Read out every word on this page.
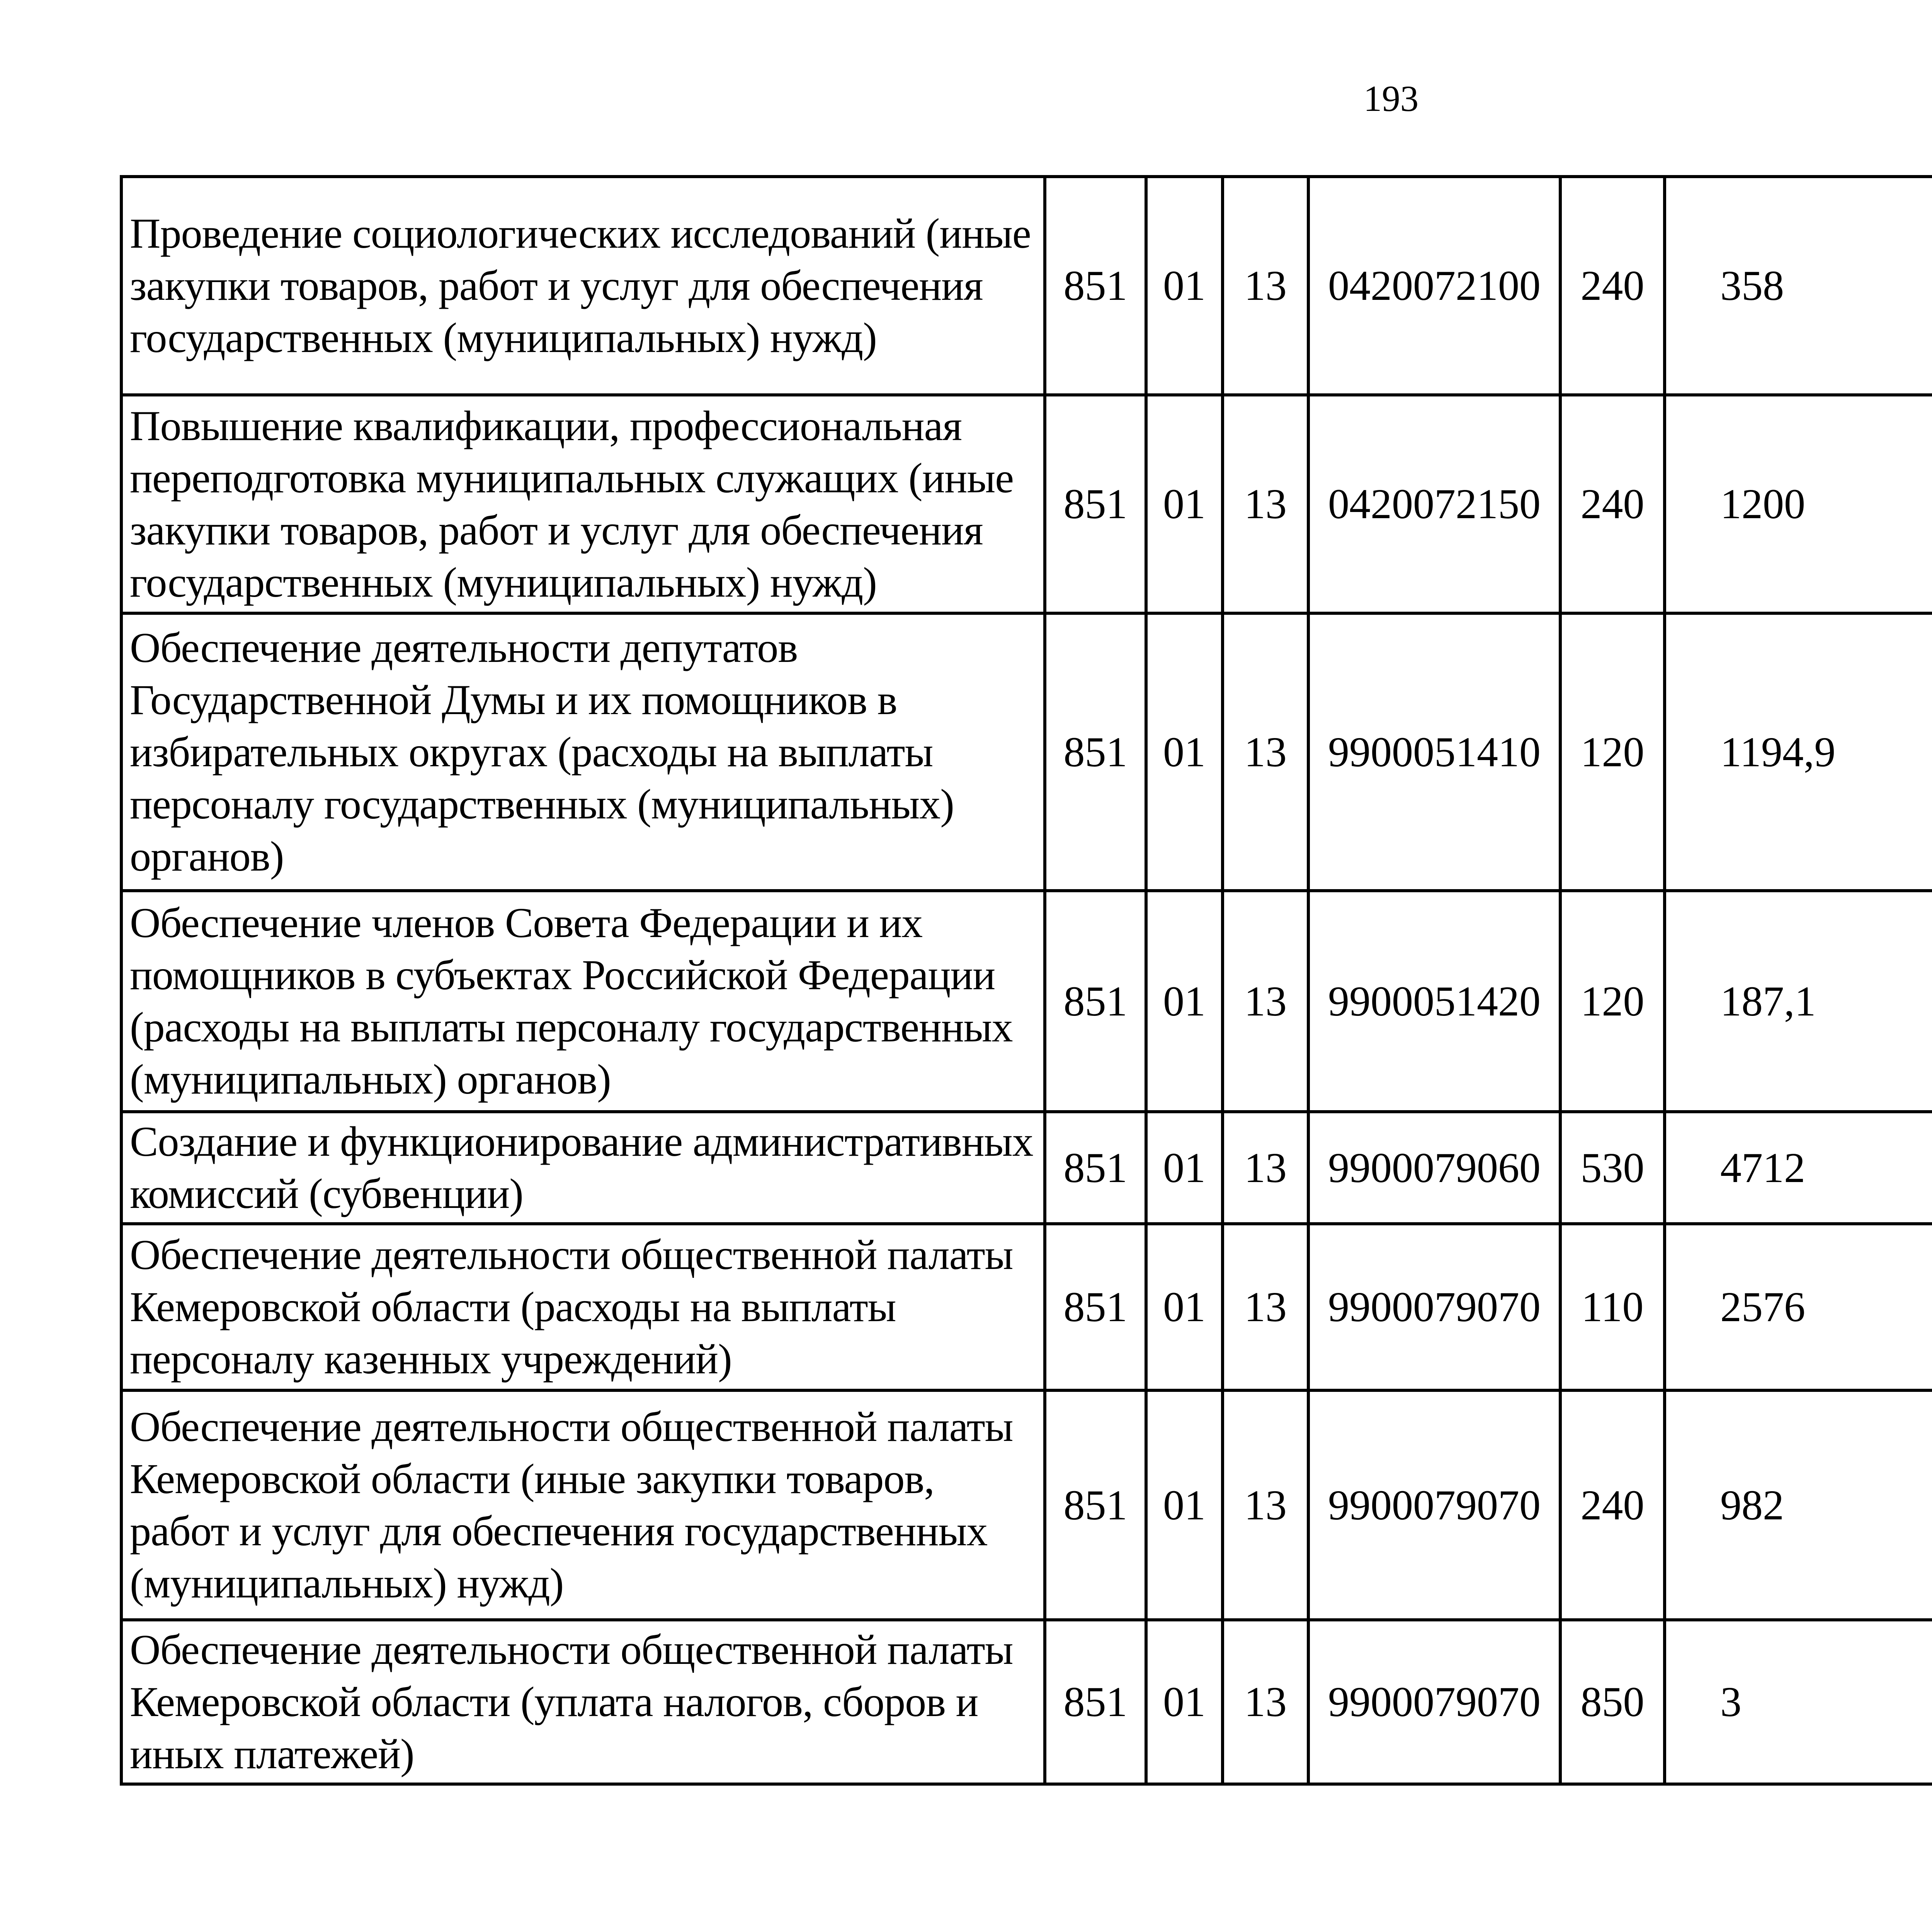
193
Проведение социологических исследований (иные закупки товаров, работ и услуг для обеспечения государственных (муниципальных) нужд)	851	01	13	0420072100	240	358		
Повышение квалификации, профессиональная переподготовка муниципальных служащих (иные закупки товаров, работ и услуг для обеспечения государственных (муниципальных) нужд)	851	01	13	0420072150	240	1200		
Обеспечение деятельности депутатов Государственной Думы и их помощников в избирательных округах (расходы на выплаты персоналу государственных (муниципальных) органов)	851	01	13	9900051410	120	1194,9		
Обеспечение членов Совета Федерации и их помощников в субъектах Российской Федерации (расходы на выплаты персоналу государственных (муниципальных) органов)	851	01	13	9900051420	120	187,1		
Создание и функционирование административных комиссий (субвенции)	851	01	13	9900079060	530	4712		
Обеспечение деятельности общественной палаты Кемеровской области (расходы на выплаты персоналу казенных учреждений)	851	01	13	9900079070	110	2576		
Обеспечение деятельности общественной палаты Кемеровской области (иные закупки товаров, работ и услуг для обеспечения государственных (муниципальных) нужд)	851	01	13	9900079070	240	982		
Обеспечение деятельности общественной палаты Кемеровской области (уплата налогов, сборов и иных платежей)	851	01	13	9900079070	850	3		
